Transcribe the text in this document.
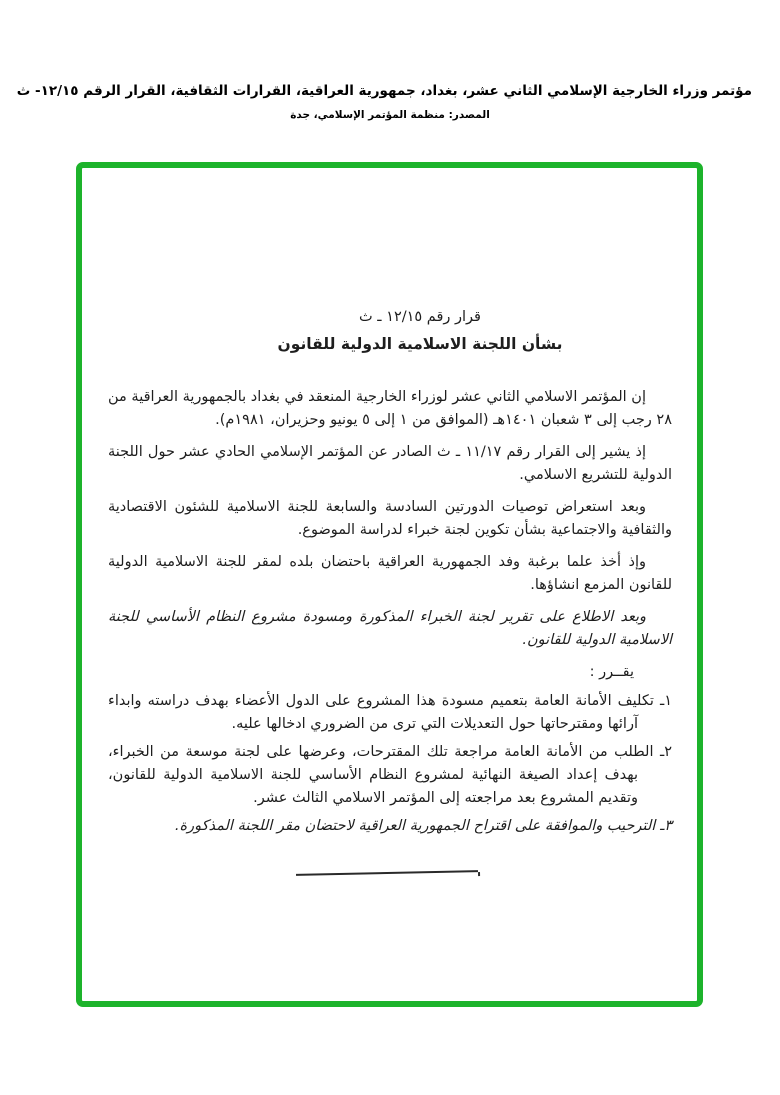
مؤتمر وزراء الخارجية الإسلامي الثاني عشر، بغداد، جمهورية العراقية، القرارات الثقافية، القرار الرقم ١٢/١٥- ث
المصدر: منظمة المؤتمر الإسلامي، جدة
قرار رقم ١٢/١٥ ـ ث
بشأن اللجنة الاسلامية الدولية للقانون

إن المؤتمر الاسلامي الثاني عشر لوزراء الخارجية المنعقد في بغداد بالجمهورية العراقية من ٢٨ رجب إلى ٣ شعبان ١٤٠١هـ (الموافق من ١ إلى ٥ يونيو وحزيران، ١٩٨١م).

إذ يشير إلى القرار رقم ١١/١٧ ـ ث الصادر عن المؤتمر الإسلامي الحادي عشر حول اللجنة الدولية للتشريع الاسلامي.

وبعد استعراض توصيات الدورتين السادسة والسابعة للجنة الاسلامية للشئون الاقتصادية والثقافية والاجتماعية بشأن تكوين لجنة خبراء لدراسة الموضوع.

وإذ أخذ علما برغبة وفد الجمهورية العراقية باحتضان بلده لمقر للجنة الاسلامية الدولية للقانون المزمع انشاؤها.

وبعد الاطلاع على تقرير لجنة الخبراء المذكورة ومسودة مشروع النظام الأساسي للجنة الاسلامية الدولية للقانون.

يقــرر :
١ـ تكليف الأمانة العامة بتعميم مسودة هذا المشروع على الدول الأعضاء بهدف دراسته وابداء آرائها ومقترحاتها حول التعديلات التي ترى من الضروري ادخالها عليه.
٢ـ الطلب من الأمانة العامة مراجعة تلك المقترحات، وعرضها على لجنة موسعة من الخبراء، بهدف إعداد الصيغة النهائية لمشروع النظام الأساسي للجنة الاسلامية الدولية للقانون، وتقديم المشروع بعد مراجعته إلى المؤتمر الاسلامي الثالث عشر.
٣ـ الترحيب والموافقة على اقتراح الجمهورية العراقية لاحتضان مقر اللجنة المذكورة.
